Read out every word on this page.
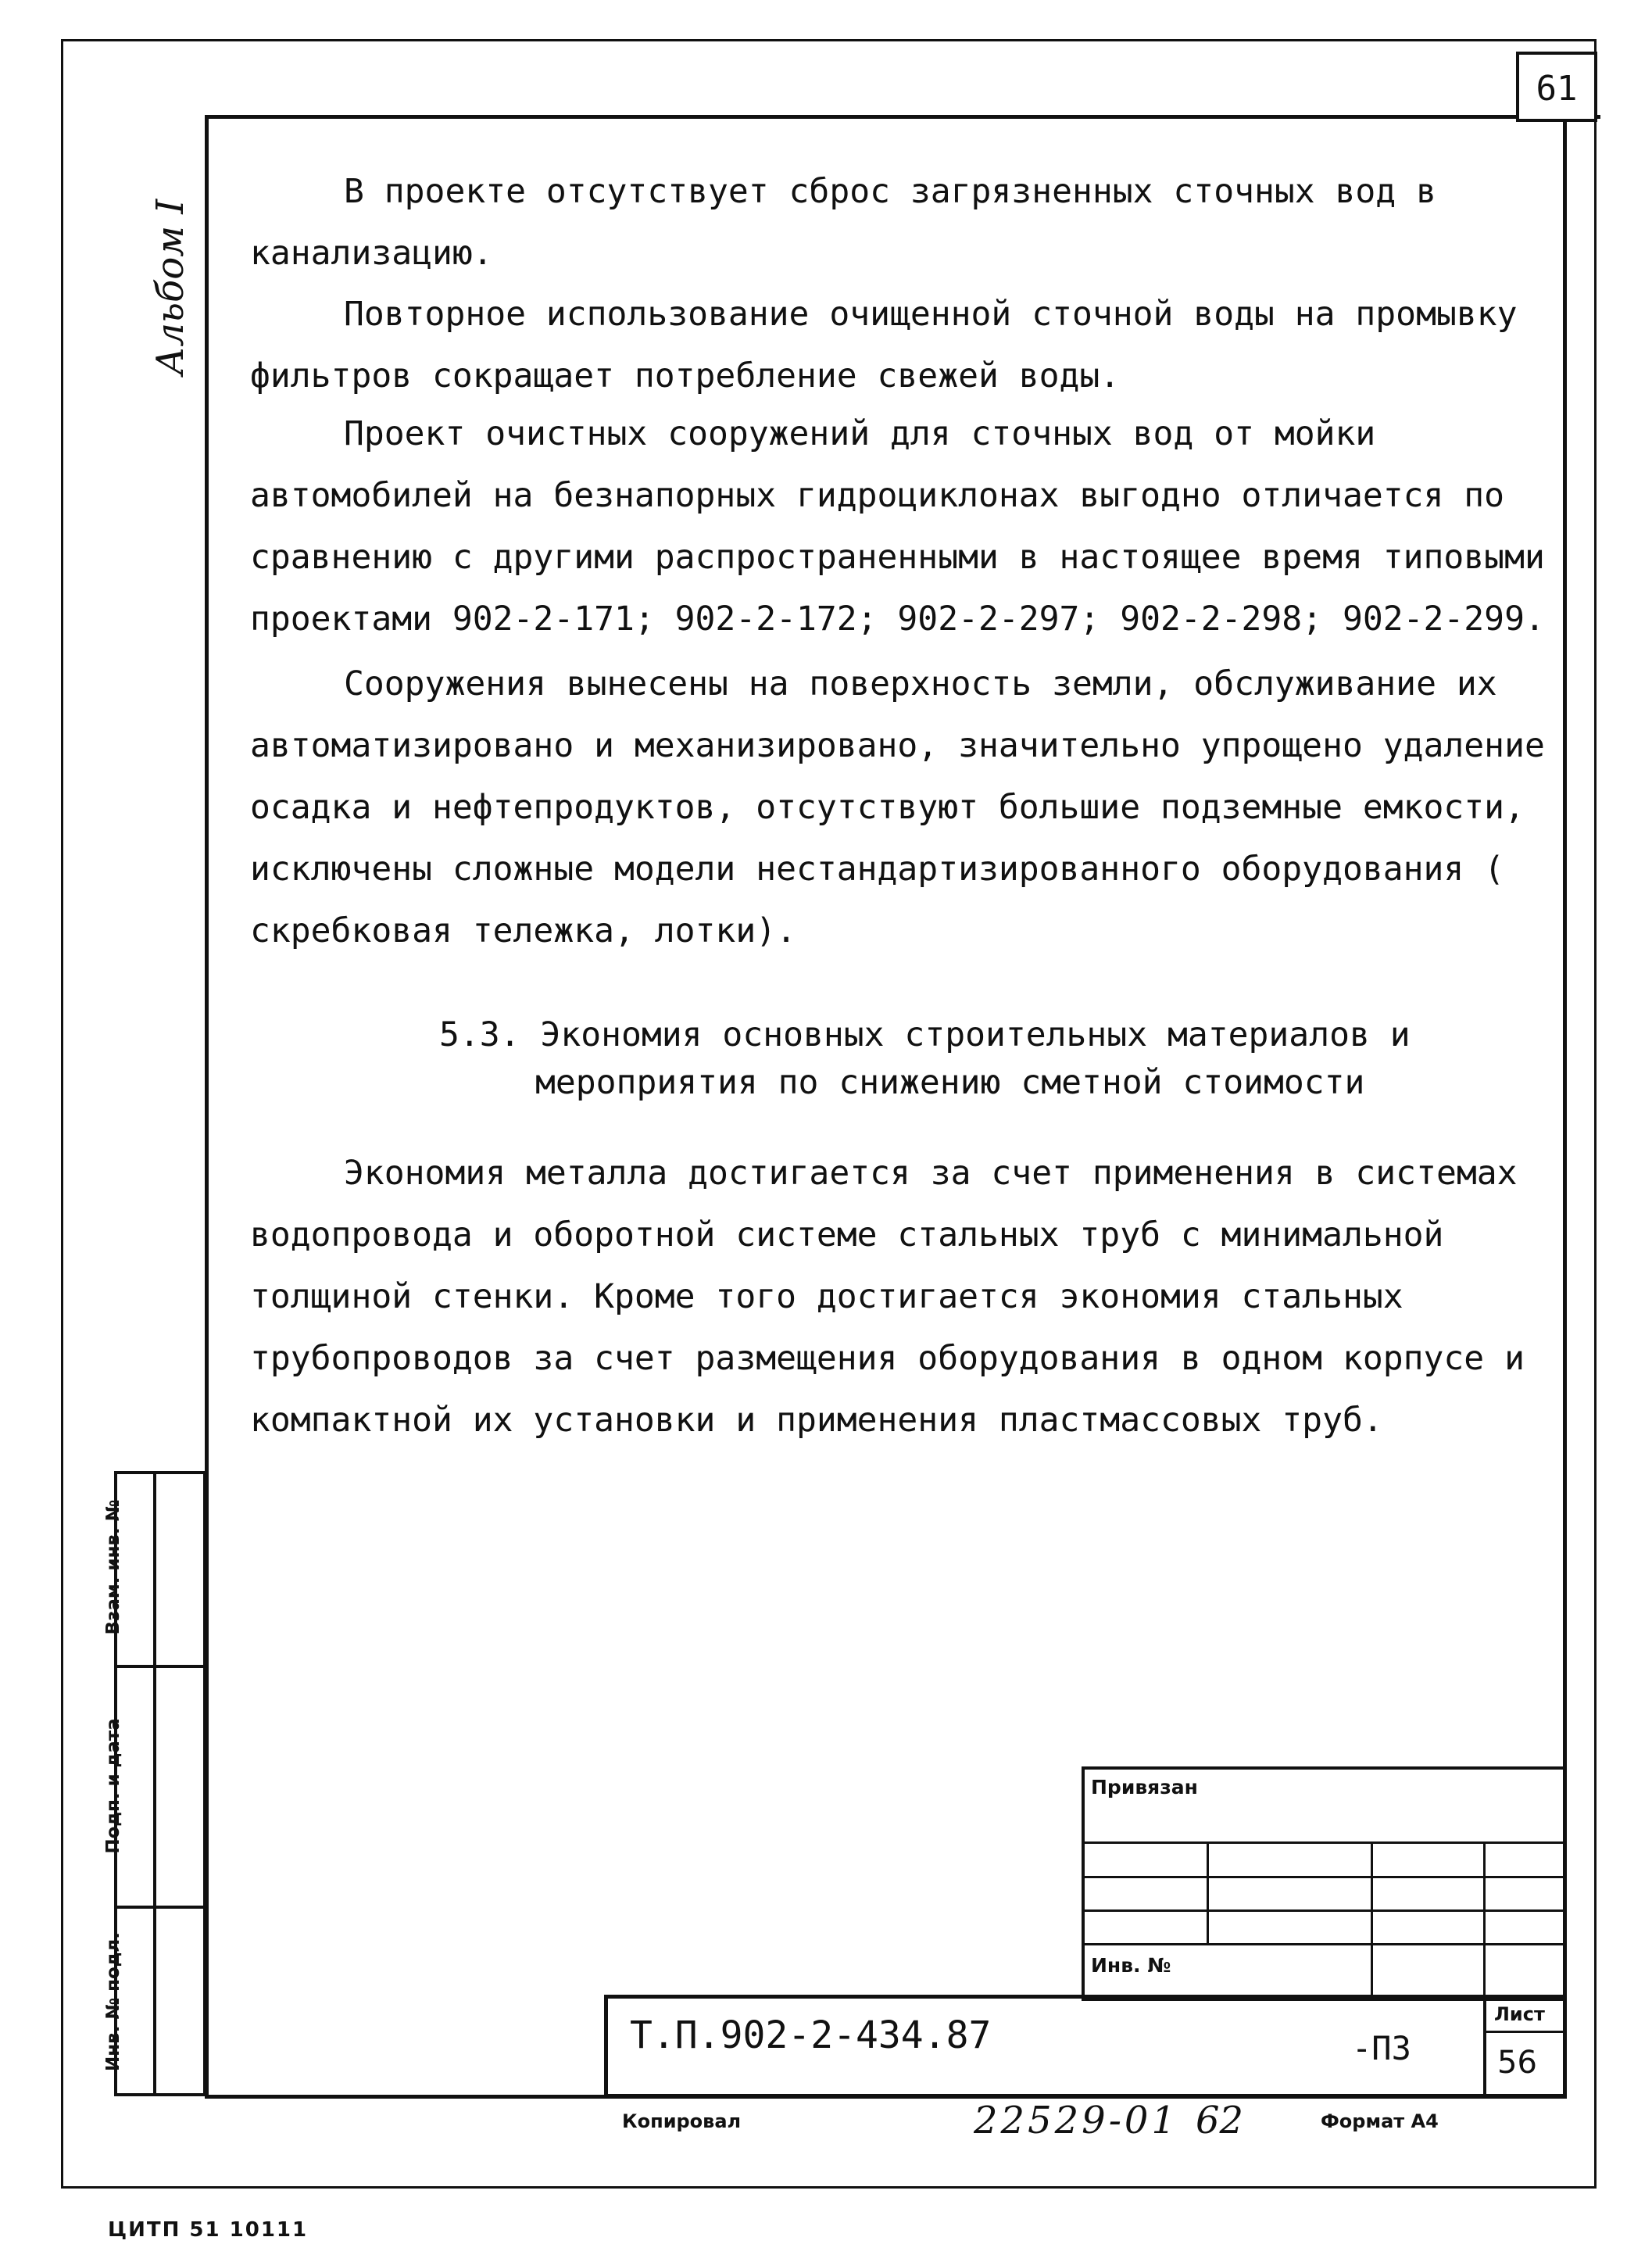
61
Альбом I

В проекте отсутствует сброс загрязненных сточных вод в канализацию.

Повторное использование очищенной сточной воды на промывку фильтров сокращает потребление свежей воды.

Проект очистных сооружений для сточных вод от мойки автомобилей на безнапорных гидроциклонах выгодно отличается по сравнению с другими распространенными в настоящее время типовыми проектами 902-2-171; 902-2-172; 902-2-297; 902-2-298; 902-2-299.

Сооружения вынесены на поверхность земли, обслуживание их автоматизировано и механизировано, значительно упрощено удаление осадка и нефтепродуктов, отсутствуют большие подземные емкости, исключены сложные модели нестандартизированного оборудования ( скребковая тележка, лотки).

5.3. Экономия основных строительных материалов и
мероприятия по снижению сметной стоимости

Экономия металла достигается за счет применения в системах водопровода и оборотной системе стальных труб с минимальной толщиной стенки. Кроме того достигается экономия стальных трубопроводов за счет размещения оборудования в одном корпусе и компактной их установки и применения пластмассовых труб.

Взам. инв. №
Подп. и дата
Инв. № подл.
Привязан
Инв. №
Т.П.902-2-434.87	-ПЗ
Лист
56
Копировал	22529-01 62	Формат А4
ЦИТП 51 10111
